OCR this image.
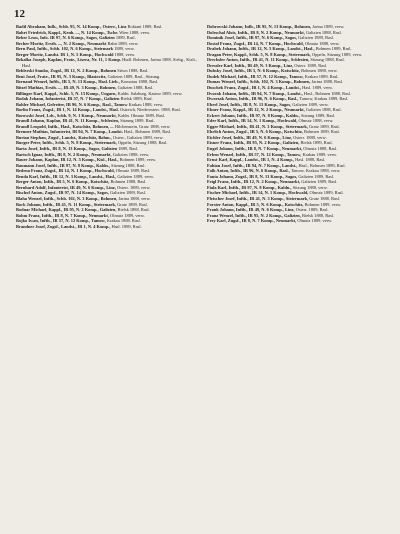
12

Badtl Abraham, Infh., Schb. 95, N. 14 Komp., Osterr., Linz Rokiani 1889, Rasl.

Bahrt Friedrich, Kappl., Kenh. ..., N. 14 Komp., Tschr. Wien 1888, verw.

Beber Leon, Info. IR 97, N. 6 Komp., Sagos, Galizien 1889, Rasl.

Becher Moritz, Ersth. ..., N. 2 Komp., Neumarkt Bahn 1889, verw.

Bern Paul, Infth., Schb. 102, N. 6 Komp., Steirmark 1889, verw.

Berger Moritz, Landst. IR 1, N. 5 Komp., Hochwald 1888, verw.

Bekalka Joseph, Kaplan, Frate., Lisera, Nr. 11, 1 Komp. Hudl. Bohmen, Jarina 1888, Siebg., Kislt., Hasl.

Beklerski Stanko, Zugsf., IR 12, N. 2 Komp., Bohmen Stiwn 1888, Rasl.

Beni Josef, Frate., IR 95, N. 3 Komp., Blasiovitz, Galizien 1889, Rasl., Sitzung.

Bernand Wenzel, Infth., IR 5, N. 13 Komp., Hasl. Lieb., Komotau 1888, Rasl.

Bitzel Mathias, Ersth. ..., IR 49, N. 3 Komp., Bohmen, Galizien 1888, Rasl.

Billinger Karl, Kappl., Schb. 5, N. 13 Komp., Ungarn, Kaldn. Salzburg, Kasino 1889, verw.

Bodak Johann, Infanterist, IR 57, N. 7 Komp., Galizien Bielsk 1889, Rasl.

Bohler Michael, Gefreiter, IR 96, N. 6 Komp., Rasl., Tamow Krakau 1888, verw.

Borlin Franz, Zugsf., IR 1, N. 14 Komp., Landst., Hasl. Ostreich, Niederosterr. 1888, Rasl.

Borowski Josef, Lds., Schb. 9, N. 1 Komp., Neumarkt, Kaldn. Olmutz 1889, Rasl.

Brandl Johann, Kaplan, IR 41, N. 11 Komp., Schlesien, Sitzung 1889, Rasl.

Brandl Leopold, Infth., Hasl., Kotschitz, Bohmen, ... Hilchenstein, Gratz 1888, verw.

Brenner Mathias, Infanterist, IR 94, N. 7 Komp., Landst. Hasl., Bohmen 1889, Rasl.

Burian Stephan, Zugsf., Landst., Kotschitz, Bohm., Osterr., Galizien 1889, verw.

Burger Peter, Infth., Schb. 5, N. 8 Komp., Steiermark, Oppeln, Sitzung 1888, Rasl.

Barta Josef, Infth., IR 8, N. 13 Komp., Sagos, Galizien 1889, Rasl.

Bartsch Ignaz, Infth., IR 8, N. 2 Komp., Neumarkt, Galizien 1888, verw.

Bauer Johann, Kaplan, IR 12, N. 5 Komp., Kisl., Hasl., Bohmen 1889, verw.

Baumann Josef, Infth., IR 97, N. 8 Komp., Kaldn., Sitzung 1888, Rasl.

Bedrna Franz, Zugsf., IR 14, N. 1 Komp., Hochwald, Olmutz 1889, Rasl.

Benda Karl, Infth., IR 12, N. 3 Komp., Landst., Hasl., Galizien 1889, verw.

Berger Anton, Infth., IR 5, N. 6 Komp., Kotschitz, Bohmen 1888, Rasl.

Bernhard Adolf, Infanterist, IR 49, N. 6 Komp., Linz, Osterr. 1889, verw.

Bischof Anton, Zugsf., IR 97, N. 14 Komp., Sagos, Galizien 1889, Rasl.

Blaha Wenzel, Infth., Schb. 102, N. 3 Komp., Bohmen, Jarina 1888, verw.

Bock Johann, Infth., IR 41, N. 11 Komp., Steiermark, Gratz 1889, Rasl.

Bodnar Michael, Kappl., IR 95, N. 2 Komp., Galizien, Bielsk 1888, Rasl.

Bohm Franz, Infth., IR 8, N. 7 Komp., Neumarkt, Olmutz 1889, verw.

Bojko Iwan, Infth., IR 57, N. 12 Komp., Tamow, Krakau 1888, Rasl.

Brandner Josef, Zugsf., Landst., IR 1, N. 4 Komp., Hasl. 1889, Rasl.

Dobrowski Johann, Infh., IR 95, N. 13 Komp., Bohmen, Jarina 1889, verw.

Doleschal Alois, Infth., IR 8, N. 2 Komp., Neumarkt, Galizien 1888, Rasl.

Dominik Josef, Infth., IR 97, N. 6 Komp., Sagos, Galizien 1889, Rasl.

Dostal Franz, Zugsf., IR 14, N. 7 Komp., Hochwald, Olmutz 1888, verw.

Drabek Johann, Infth., IR 12, N. 5 Komp., Landst., Hasl., Bohmen 1889, Rasl.

Dragan Peter, Kappl., Schb. 5, N. 8 Komp., Steiermark, Oppeln, Sitzung 1889, verw.

Drechsler Anton, Infth., IR 41, N. 11 Komp., Schlesien, Sitzung 1888, Rasl.

Dressler Karl, Infth., IR 49, N. 3 Komp., Linz, Osterr. 1889, Rasl.

Dubsky Josef, Infth., IR 5, N. 6 Komp., Kotschitz, Bohmen 1888, verw.

Dudek Michael, Infth., IR 57, N. 12 Komp., Tamow, Krakau 1889, Rasl.

Dumas Wenzel, Infth., Schb. 102, N. 3 Komp., Bohmen, Jarina 1888, Rasl.

Duschek Franz, Zugsf., IR 1, N. 4 Komp., Landst., Hasl. 1889, verw.

Dvorak Johann, Infth., IR 94, N. 7 Komp., Landst., Hasl., Bohmen 1888, Rasl.

Dworzak Anton, Infth., IR 96, N. 6 Komp., Rasl., Tamow, Krakau 1889, Rasl.

Eberl Josef, Infth., IR 8, N. 13 Komp., Sagos, Galizien 1889, verw.

Ebner Franz, Kappl., IR 12, N. 2 Komp., Neumarkt, Galizien 1888, Rasl.

Eckert Johann, Infth., IR 97, N. 8 Komp., Kaldn., Sitzung 1889, Rasl.

Eder Karl, Infth., IR 14, N. 1 Komp., Hochwald, Olmutz 1888, verw.

Egger Michael, Infth., IR 41, N. 3 Komp., Steiermark, Gratz 1889, Rasl.

Ehrlich Anton, Zugsf., IR 5, N. 6 Komp., Kotschitz, Bohmen 1889, Rasl.

Eichler Josef, Infth., IR 49, N. 6 Komp., Linz, Osterr. 1888, verw.

Eisner Franz, Infth., IR 95, N. 2 Komp., Galizien, Bielsk 1889, Rasl.

Engel Johann, Infth., IR 8, N. 7 Komp., Neumarkt, Olmutz 1888, Rasl.

Erben Wenzel, Infth., IR 57, N. 12 Komp., Tamow, Krakau 1889, verw.

Ernst Karl, Kappl., Landst., IR 1, N. 4 Komp., Hasl. 1888, Rasl.

Fabian Josef, Infth., IR 94, N. 7 Komp., Landst., Hasl., Bohmen 1889, Rasl.

Falk Anton, Infth., IR 96, N. 6 Komp., Rasl., Tamow, Krakau 1888, verw.

Fanta Johann, Zugsf., IR 8, N. 13 Komp., Sagos, Galizien 1889, Rasl.

Feigl Franz, Infth., IR 12, N. 2 Komp., Neumarkt, Galizien 1889, Rasl.

Fiala Karl, Infth., IR 97, N. 8 Komp., Kaldn., Sitzung 1888, verw.

Fischer Michael, Infth., IR 14, N. 1 Komp., Hochwald, Olmutz 1889, Rasl.

Fleischer Josef, Infth., IR 41, N. 3 Komp., Steiermark, Gratz 1888, Rasl.

Forster Anton, Kappl., IR 5, N. 6 Komp., Kotschitz, Bohmen 1889, verw.

Frank Johann, Infth., IR 49, N. 6 Komp., Linz, Osterr. 1889, Rasl.

Franz Wenzel, Infth., IR 95, N. 2 Komp., Galizien, Bielsk 1888, Rasl.

Frey Karl, Zugsf., IR 8, N. 7 Komp., Neumarkt, Olmutz 1889, verw.
